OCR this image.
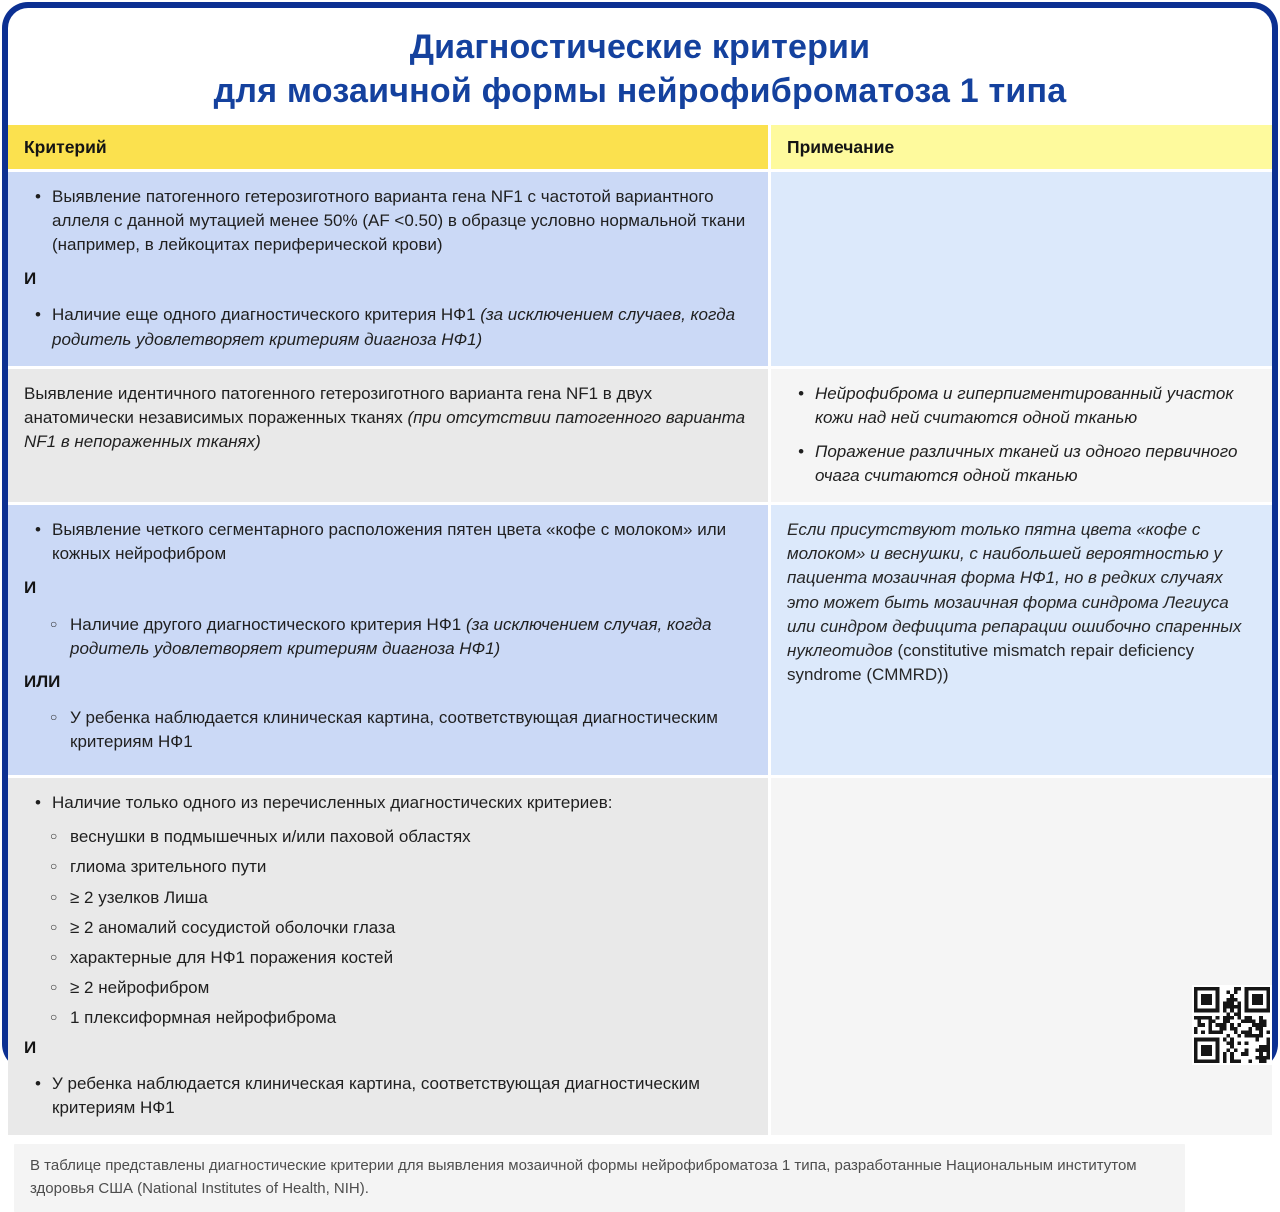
Диагностические критерии
для мозаичной формы нейрофиброматоза 1 типа
Критерий	Примечание
• Выявление патогенного гетерозиготного варианта гена NF1 с частотой вариантного аллеля с данной мутацией менее 50% (AF <0.50) в образце условно нормальной ткани (например, в лейкоцитах периферической крови)
И
• Наличие еще одного диагностического критерия НФ1 (за исключением случаев, когда родитель удовлетворяет критериям диагноза НФ1)
Выявление идентичного патогенного гетерозиготного варианта гена NF1 в двух анатомически независимых пораженных тканях (при отсутствии патогенного варианта NF1 в непораженных тканях)
• Нейрофиброма и гиперпигментированный участок кожи над ней считаются одной тканью
• Поражение различных тканей из одного первичного очага считаются одной тканью
• Выявление четкого сегментарного расположения пятен цвета «кофе с молоком» или кожных нейрофибром
И
○ Наличие другого диагностического критерия НФ1 (за исключением случая, когда родитель удовлетворяет критериям диагноза НФ1)
ИЛИ
○ У ребенка наблюдается клиническая картина, соответствующая диагностическим критериям НФ1
Если присутствуют только пятна цвета «кофе с молоком» и веснушки, с наибольшей вероятностью у пациента мозаичная форма НФ1, но в редких случаях это может быть мозаичная форма синдрома Легиуса или синдром дефицита репарации ошибочно спаренных нуклеотидов (constitutive mismatch repair deficiency syndrome (CMMRD))
• Наличие только одного из перечисленных диагностических критериев:
○ веснушки в подмышечных и/или паховой областях
○ глиома зрительного пути
○ ≥ 2 узелков Лиша
○ ≥ 2 аномалий сосудистой оболочки глаза
○ характерные для НФ1 поражения костей
○ ≥ 2 нейрофибром
○ 1 плексиформная нейрофиброма
И
• У ребенка наблюдается клиническая картина, соответствующая диагностическим критериям НФ1
В таблице представлены диагностические критерии для выявления мозаичной формы нейрофиброматоза 1 типа, разработанные Национальным институтом здоровья США (National Institutes of Health, NIH).
